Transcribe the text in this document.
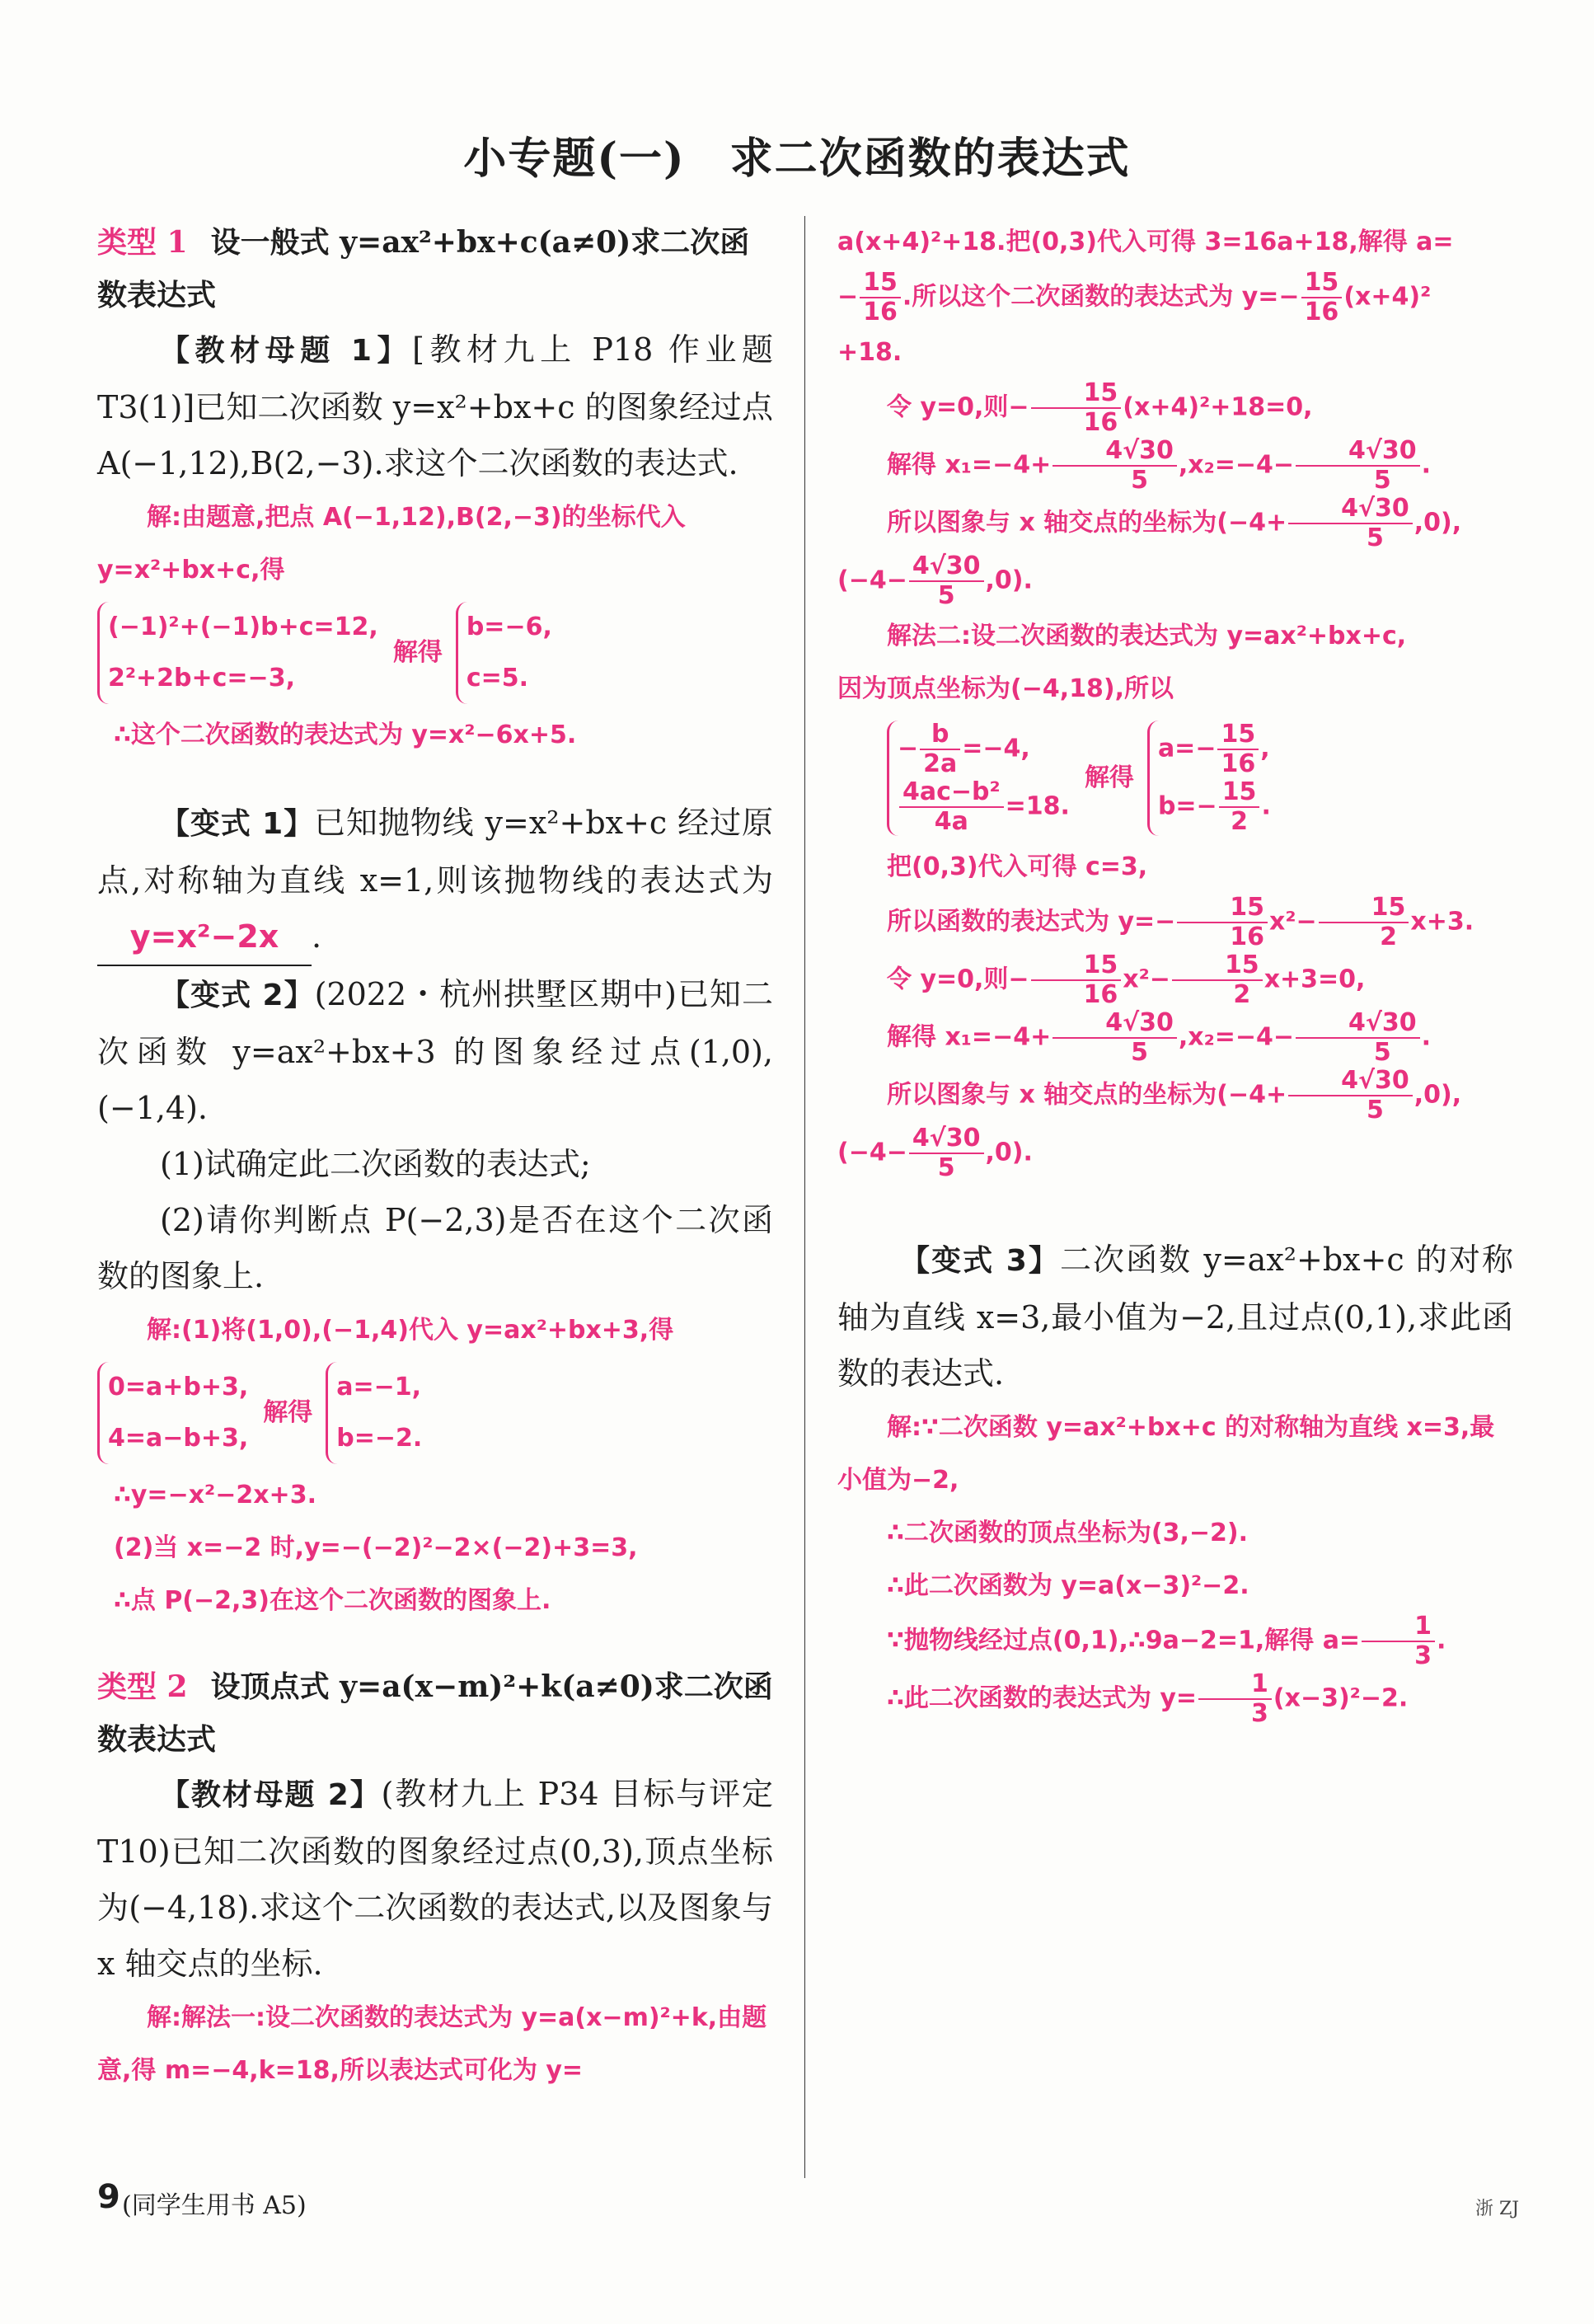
小专题(一)　求二次函数的表达式

类型 1 设一般式 y=ax²+bx+c(a≠0)求二次函数表达式

【教材母题 1】[教材九上 P18 作业题 T3(1)]已知二次函数 y=x²+bx+c 的图象经过点 A(−1,12),B(2,−3).求这个二次函数的表达式.

解:由题意,把点 A(−1,12),B(2,−3)的坐标代入 y=x²+bx+c,得

(−1)²+(−1)b+c=12,
2²+2b+c=−3,
解得
b=−6,
c=5.

∴这个二次函数的表达式为 y=x²−6x+5.

【变式 1】已知抛物线 y=x²+bx+c 经过原点,对称轴为直线 x=1,则该抛物线的表达式为y=x²−2x .

【变式 2】(2022・杭州拱墅区期中)已知二次函数 y=ax²+bx+3 的图象经过点(1,0),(−1,4).

(1)试确定此二次函数的表达式;

(2)请你判断点 P(−2,3)是否在这个二次函数的图象上.

解:(1)将(1,0),(−1,4)代入 y=ax²+bx+3,得

0=a+b+3,
4=a−b+3,
解得
a=−1,
b=−2.

∴y=−x²−2x+3.

(2)当 x=−2 时,y=−(−2)²−2×(−2)+3=3,

∴点 P(−2,3)在这个二次函数的图象上.

类型 2 设顶点式 y=a(x−m)²+k(a≠0)求二次函数表达式

【教材母题 2】(教材九上 P34 目标与评定 T10)已知二次函数的图象经过点(0,3),顶点坐标为(−4,18).求这个二次函数的表达式,以及图象与 x 轴交点的坐标.

解:解法一:设二次函数的表达式为 y=a(x−m)²+k,由题意,得 m=−4,k=18,所以表达式可化为 y=

a(x+4)²+18.把(0,3)代入可得 3=16a+18,解得 a=

− $\frac{15}{16}$ .所以这个二次函数的表达式为 $y=- \frac{15}{16} (x+4)^2$

+18.

令 y=0,则− $\frac{15}{16} (x+4)^2+18=0$,

解得 $x_1=-4+ \frac{4√30}{5} ,x_2=-4- \frac{4√30}{5}$ .

所以图象与 x 轴交点的坐标为$(-4+ \frac{4√30}{5} ,0)$,

$(-4- \frac{4√30}{5} ,0)$.

解法二:设二次函数的表达式为 y=ax²+bx+c,

因为顶点坐标为(−4,18),所以

− $\frac{b}{2a} =-4$,
$\frac{\text{4ac−b²}}{4a} =18$.
解得
$a=- \frac{15}{16}$ ,
$b=- \frac{15}{2}$ .

把(0,3)代入可得 c=3,

所以函数的表达式为 $y=- \frac{15}{16} x^2- \frac{15}{2} x+3$.

令 y=0,则− $\frac{15}{16} x^2- \frac{15}{2} x+3=0$,

解得 $x_1=-4+ \frac{4√30}{5} ,x_2=-4- \frac{4√30}{5}$ .

所以图象与 x 轴交点的坐标为$(-4+ \frac{4√30}{5} ,0)$,

$(-4- \frac{4√30}{5} ,0)$.

【变式 3】二次函数 y=ax²+bx+c 的对称轴为直线 x=3,最小值为−2,且过点(0,1),求此函数的表达式.

解:∵二次函数 y=ax²+bx+c 的对称轴为直线 x=3,最小值为−2,

∴二次函数的顶点坐标为(3,−2).

∴此二次函数为 y=a(x−3)²−2.

∵抛物线经过点(0,1),∴9a−2=1,解得 $a= \frac{1}{3}$ .

∴此二次函数的表达式为 $y= \frac{1}{3} (x-3)^2-2$.

9 (同学生用书 A5)	浙 ZJ
